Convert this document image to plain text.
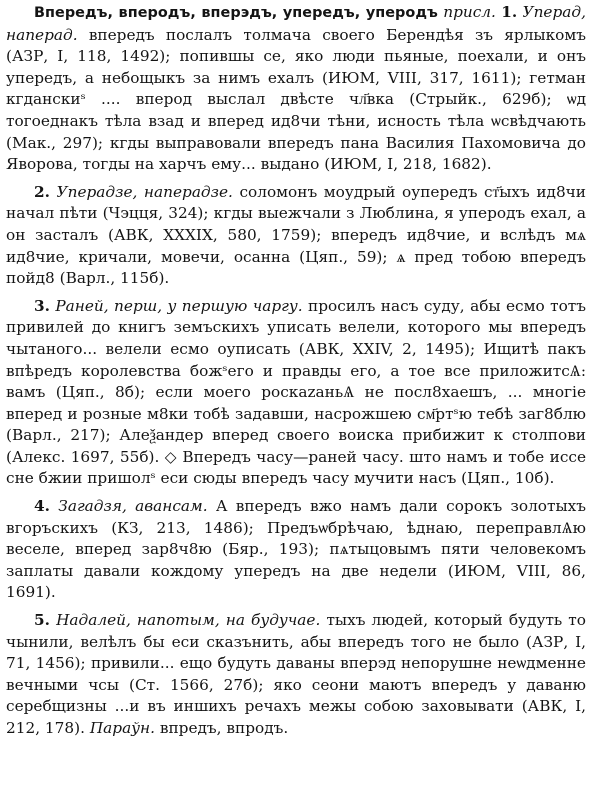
Впередъ, вперодъ, вперэдъ, уперeдъ, уперодъ присл. 1. Уперад, наперад. впередъ послалъ толмача своего Берендѣя зъ ярлыкомъ (АЗР, I, 118, 1492); попившы се, яко люди пьяные, поехали, и онъ уперeдъ, а небощыкъ за нимъ ехалъ (ИЮМ, VIII, 317, 1611); гетман кгданскиˢ .... вперод выслал двѣсте чл҃вка (Стрыйк., 629б); ѡд тогоеднакъ тѣла взад и вперед ид8чи тѣни, исность тѣла ѡсвѣдчають (Мак., 297); кгды выправовали вперeдъ пана Василия Пахомовича до Яворова, тогды на харчъ ему... выдано (ИЮМ, I, 218, 1682).

2. Уперадзе, напeрадзе. соломонъ моудрый оуперeдъ ст҃ыхъ ид8чи начал пѣти (Чэцця, 324); кгды выежчали з Люблина, я уперодъ ехал, а он засталъ (АВК, XXXIX, 580, 1759); впередъ ид8чие, и вслѣдъ мѧ ид8чие, кричали, мовечи, осанна (Цяп., 59); ѧ пред тобою впередъ пойд8 (Варл., 115б).

3. Раней, перш, у першую чаргу. просилъ насъ суду, абы есмо тотъ привилей до книгъ земъскихъ уписать велели, которого мы впередъ чытаного... велели есмо оуписать (АВК, XXIV, 2, 1495); Ищитѣ пакъ впѣредъ королевства божˢего и правды его, а тое все приложитсѦ: вамъ (Цяп., 8б); если моего роскazaньѦ не посл8хаешъ, ... многіе вперед и розные м8ки тобѣ задавши, насрожшею см҃ртˢю тебѣ заг8блю (Варл., 217); Алеѯандер вперед своего воиска прибижит к столпови (Алекс. 1697, 55б). ◇ Впередъ часу—раней часу. што намъ и тобе иссе сне бжии пришолˢ еси сюды впередъ часу мучити насъ (Цяп., 10б).

4. Загадзя, авансам. А впередъ вжо намъ дали сорокъ золотыхъ вгоръскихъ (КЗ, 213, 1486); Предъѡбрѣчаю, ѣднаю, переправлѦю веселе, вперед зар8ч8ю (Бяр., 193); пѧтыцовымъ пяти человекомъ заплаты давали кождому уперeдъ на две недели (ИЮМ, VIII, 86, 1691).

5. Надалей, напотым, на будучае. тыхъ людей, который будуть то чынили, велѣлъ бы еси сказънить, абы впередъ того не было (АЗР, I, 71, 1456); привили... ещо будуть даваны вперэд непорушне неѡдменне вечными чсы (Ст. 1566, 27б); яко сеони маютъ впередъ у даваню серебщизны ...и въ иншихъ речахъ межы собою заховывати (АВК, I, 212, 178). Параўн. впредъ, впродъ.
